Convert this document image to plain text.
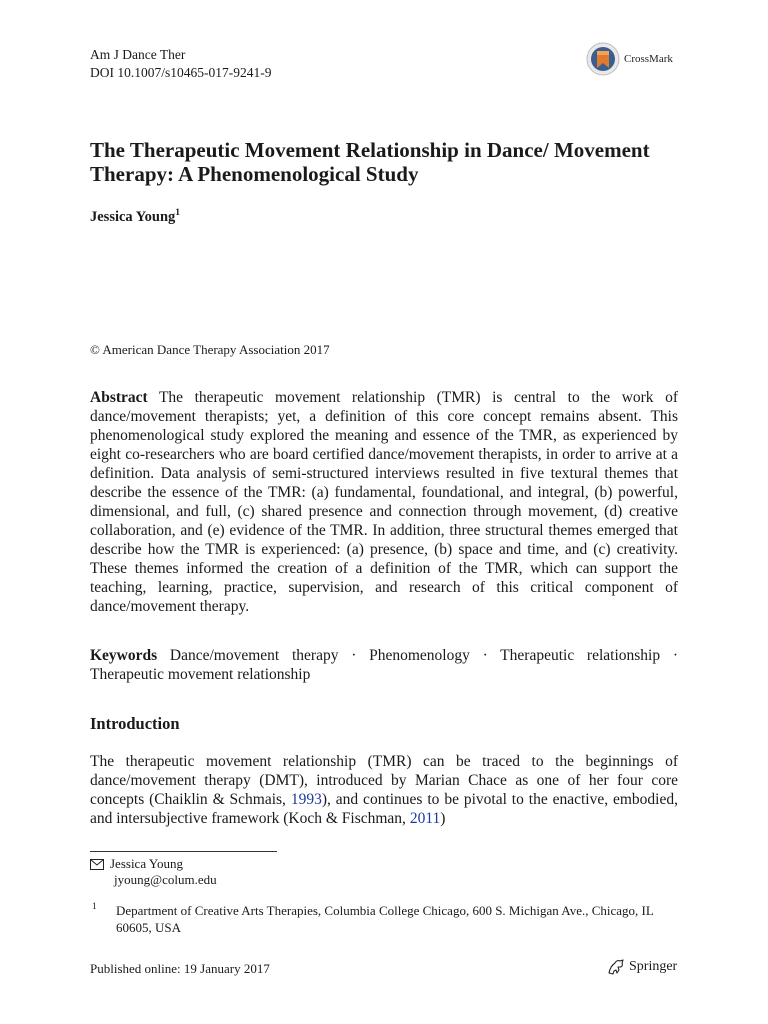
Am J Dance Ther
DOI 10.1007/s10465-017-9241-9
CrossMark
The Therapeutic Movement Relationship in Dance/ Movement Therapy: A Phenomenological Study
Jessica Young$^1$
© American Dance Therapy Association 2017

Abstract The therapeutic movement relationship (TMR) is central to the work of dance/movement therapists; yet, a definition of this core concept remains absent. This phenomenological study explored the meaning and essence of the TMR, as experienced by eight co-researchers who are board certified dance/movement therapists, in order to arrive at a definition. Data analysis of semi-structured interviews resulted in five textural themes that describe the essence of the TMR: (a) fundamental, foundational, and integral, (b) powerful, dimensional, and full, (c) shared presence and connection through movement, (d) creative collaboration, and (e) evidence of the TMR. In addition, three structural themes emerged that describe how the TMR is experienced: (a) presence, (b) space and time, and (c) creativity. These themes informed the creation of a definition of the TMR, which can support the teaching, learning, practice, supervision, and research of this critical component of dance/movement therapy.

Keywords Dance/movement therapy · Phenomenology · Therapeutic relationship · Therapeutic movement relationship

Introduction

The therapeutic movement relationship (TMR) can be traced to the beginnings of dance/movement therapy (DMT), introduced by Marian Chace as one of her four core concepts (Chaiklin & Schmais, 1993), and continues to be pivotal to the enactive, embodied, and intersubjective framework (Koch & Fischman, 2011)

Jessica Young
jyoung@colum.edu
1 Department of Creative Arts Therapies, Columbia College Chicago, 600 S. Michigan Ave., Chicago, IL 60605, USA
Published online: 19 January 2017	Springer
